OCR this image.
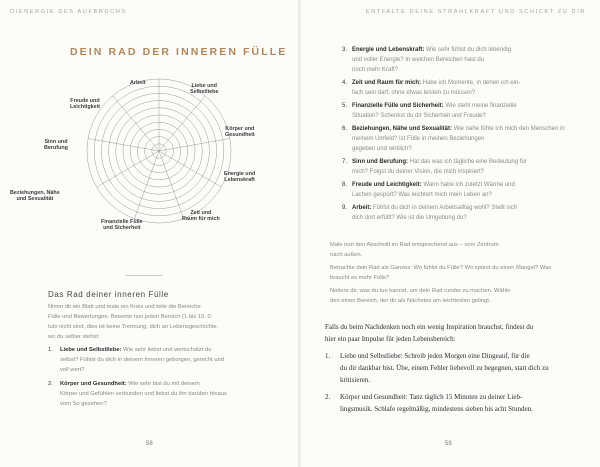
DIENERGIE DES AUFBRUCHS
DEIN RAD DER INNEREN FÜLLE
Arbeit	Liebe und
Selbstliebe
Freude und
Leichtigkeit
Körper und
Gesundheit
Sinn und
Berufung
Energie und
Lebenskraft
Beziehungen, Nähe
und Sexualität
Zeit und
Raum für mich
Finanzielle Fülle
und Sicherheit
Das Rad deiner inneren Fülle
Nimm dir ein Blatt und male ein Kreis und teile die Bereiche
Fülle und Bewertungen. Bewerte nun jeden Bereich (1 bis 10. 0
tuts nicht sind, dies ist keine Trennung, dich an Lebensgeschichte.
wo du selber stehst:
1. Liebe und Selbstliebe: Wie sehr liebst und wertschätzt du
selbst? Fühlst du dich in deinem Inneren geborgen, gerecht und
voll wert?
2. Körper und Gesundheit: Wie sehr bist du mit deinem
Körper und Gefühlen verbunden und liebst du ihn darüber hinaus
vom So gesehen?
58
ENTFALTE DEINE STRAHLKRAFT UND SCHICKT ZU DIR
3. Energie und Lebenskraft: Wie sehr fühlst du dich lebendig
und voller Energie? In welchen Bereichen hast du
noch mehr Kraft?
4. Zeit und Raum für mich: Habe ich Momente, in denen ich ein-
fach sein darf, ohne etwas leisten zu müssen?
5. Finanzielle Fülle und Sicherheit: Wie steht meine finanzielle
Situation? Schenkst du dir Sicherheit und Freude?
6. Beziehungen, Nähe und Sexualität: Wie nahe fühle ich mich den Menschen in
meinem Umfeld? Ist Fülle in meinen Beziehungen
gegeben und wirklich?
7. Sinn und Berufung: Hat das was ich tägliche eine Bedeutung für
mich? Folgst du deiner Vision, die mich inspiriert?
8. Freude und Leichtigkeit: Wann habe ich zuletzt Wärme und
Lachen gespürt? Was leichtert mich mein Leben an?
9. Arbeit: Fühlst du dich in deinem Arbeitsalltag wohl? Stellt sich
dich dort erfüllt? Wie ist die Umgebung du?
Male nun den Abschnitt im Rad entsprechend aus – vom Zentrum
nach außen.
Betrachte dein Rad als Ganzes: Wo fühlst du Fülle? Wo spürst du einen Mangel? Was
braucht es mehr Fülle?
Notiere dir, was du tun kannst, um dein Rad runder zu machen. Wähle
den einen Bereich, der dir als Nächstes am leichtesten gelingt.
Falls du beim Nachdenken noch ein wenig Inspiration brauchst, findest du
hier ein paar Impulse für jeden Lebensbereich:
1. Liebe und Selbstliebe: Schreib jeden Morgen eine Dingeauf, für die
du dir dankbar bist. Übe, einem Fehler liebevoll zu begegnen, statt dich zu
kritisieren.
2. Körper und Gesundheit: Tanz täglich 15 Minuten zu deiner Lieb-
lingsmusik. Schlafe regelmäßig, mindestens sieben bis acht Stunden.
59
